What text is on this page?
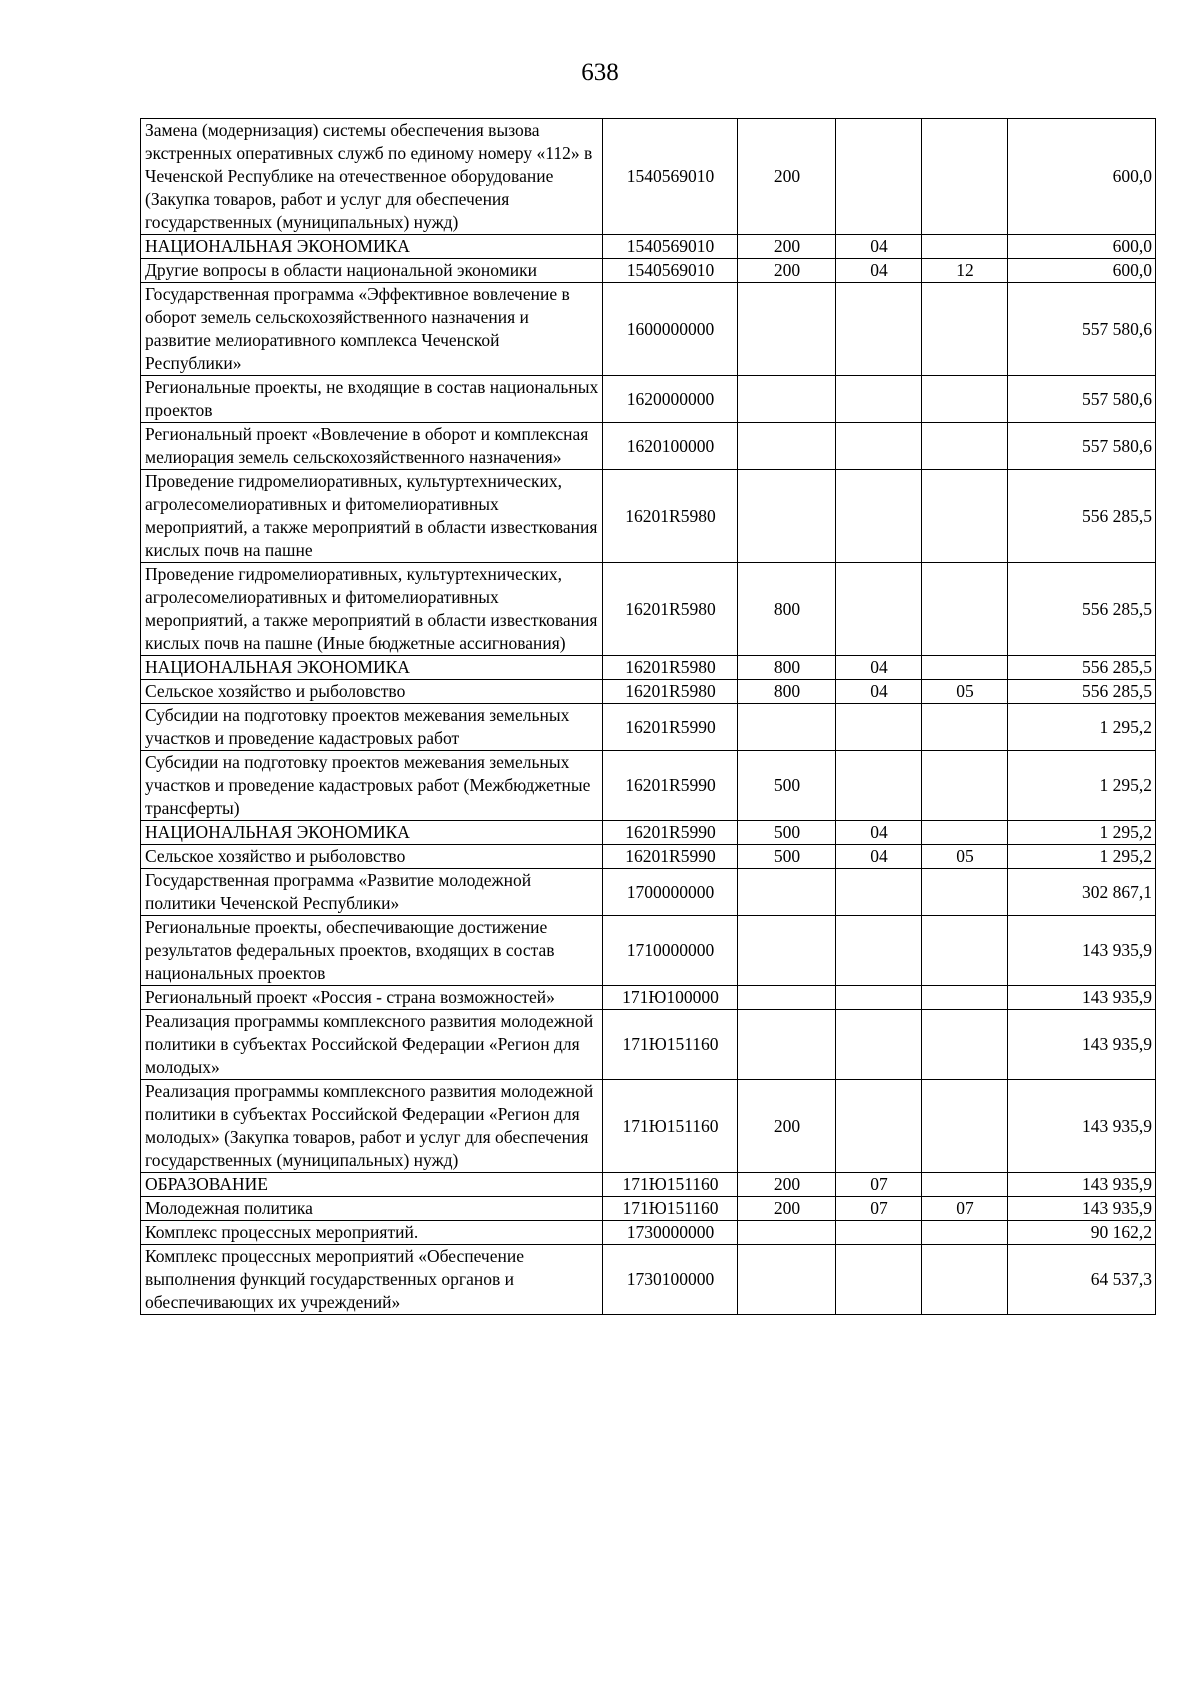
638
Замена (модернизация) системы обеспечения вызова экстренных оперативных служб по единому номеру «112» в Чеченской Республике на отечественное оборудование (Закупка товаров, работ и услуг для обеспечения государственных (муниципальных) нужд)	1540569010	200			600,0
НАЦИОНАЛЬНАЯ ЭКОНОМИКА	1540569010	200	04		600,0
Другие вопросы в области национальной экономики	1540569010	200	04	12	600,0
Государственная программа «Эффективное вовлечение в оборот земель сельскохозяйственного назначения и развитие мелиоративного комплекса Чеченской Республики»	1600000000				557 580,6
Региональные проекты, не входящие в состав национальных проектов	1620000000				557 580,6
Региональный проект «Вовлечение в оборот и комплексная мелиорация земель сельскохозяйственного назначения»	1620100000				557 580,6
Проведение гидромелиоративных, культуртехнических, агролесомелиоративных и фитомелиоративных мероприятий, а также мероприятий в области известкования кислых почв на пашне	16201R5980				556 285,5
Проведение гидромелиоративных, культуртехнических, агролесомелиоративных и фитомелиоративных мероприятий, а также мероприятий в области известкования кислых почв на пашне (Иные бюджетные ассигнования)	16201R5980	800			556 285,5
НАЦИОНАЛЬНАЯ ЭКОНОМИКА	16201R5980	800	04		556 285,5
Сельское хозяйство и рыболовство	16201R5980	800	04	05	556 285,5
Субсидии на подготовку проектов межевания земельных участков и проведение кадастровых работ	16201R5990				1 295,2
Субсидии на подготовку проектов межевания земельных участков и проведение кадастровых работ (Межбюджетные трансферты)	16201R5990	500			1 295,2
НАЦИОНАЛЬНАЯ ЭКОНОМИКА	16201R5990	500	04		1 295,2
Сельское хозяйство и рыболовство	16201R5990	500	04	05	1 295,2
Государственная программа «Развитие молодежной политики Чеченской Республики»	1700000000				302 867,1
Региональные проекты, обеспечивающие достижение результатов федеральных проектов, входящих в состав национальных проектов	1710000000				143 935,9
Региональный проект «Россия - страна возможностей»	171Ю100000				143 935,9
Реализация программы комплексного развития молодежной политики в субъектах Российской Федерации «Регион для молодых»	171Ю151160				143 935,9
Реализация программы комплексного развития молодежной политики в субъектах Российской Федерации «Регион для молодых» (Закупка товаров, работ и услуг для обеспечения государственных (муниципальных) нужд)	171Ю151160	200			143 935,9
ОБРАЗОВАНИЕ	171Ю151160	200	07		143 935,9
Молодежная политика	171Ю151160	200	07	07	143 935,9
Комплекс процессных мероприятий.	1730000000				90 162,2
Комплекс процессных мероприятий «Обеспечение выполнения функций государственных органов и обеспечивающих их учреждений»	1730100000				64 537,3
